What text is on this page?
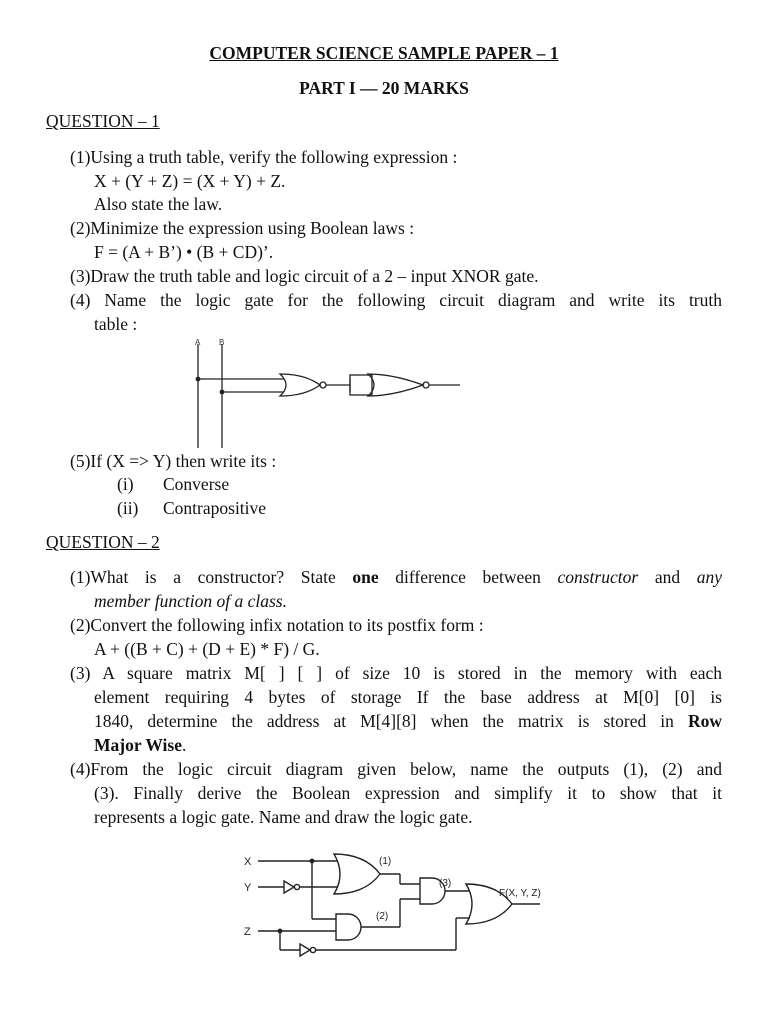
COMPUTER SCIENCE SAMPLE PAPER – 1
PART I — 20 MARKS
QUESTION – 1
(1)Using a truth table, verify the following expression :
X + (Y + Z) = (X + Y) + Z.
Also state the law.
(2)Minimize the expression using Boolean laws :
F = (A + B’) • (B + CD)’.
(3)Draw the truth table and logic circuit of a 2 – input XNOR gate.
(4) Name the logic gate for the following circuit diagram and write its truth
table :
A B
(5)If (X => Y) then write its :
(i) Converse
(ii) Contrapositive
QUESTION – 2
(1)What is a constructor? State one difference between constructor and any
member function of a class.
(2)Convert the following infix notation to its postfix form :
A + ((B + C) + (D + E) * F) / G.
(3) A square matrix M[ ] [ ] of size 10 is stored in the memory with each
element requiring 4 bytes of storage If the base address at M[0] [0] is
1840, determine the address at M[4][8] when the matrix is stored in Row
Major Wise.
(4)From the logic circuit diagram given below, name the outputs (1), (2) and
(3). Finally derive the Boolean expression and simplify it to show that it
represents a logic gate. Name and draw the logic gate.
X
Y
Z
(1)
(2)
(3)
F(X, Y, Z)
